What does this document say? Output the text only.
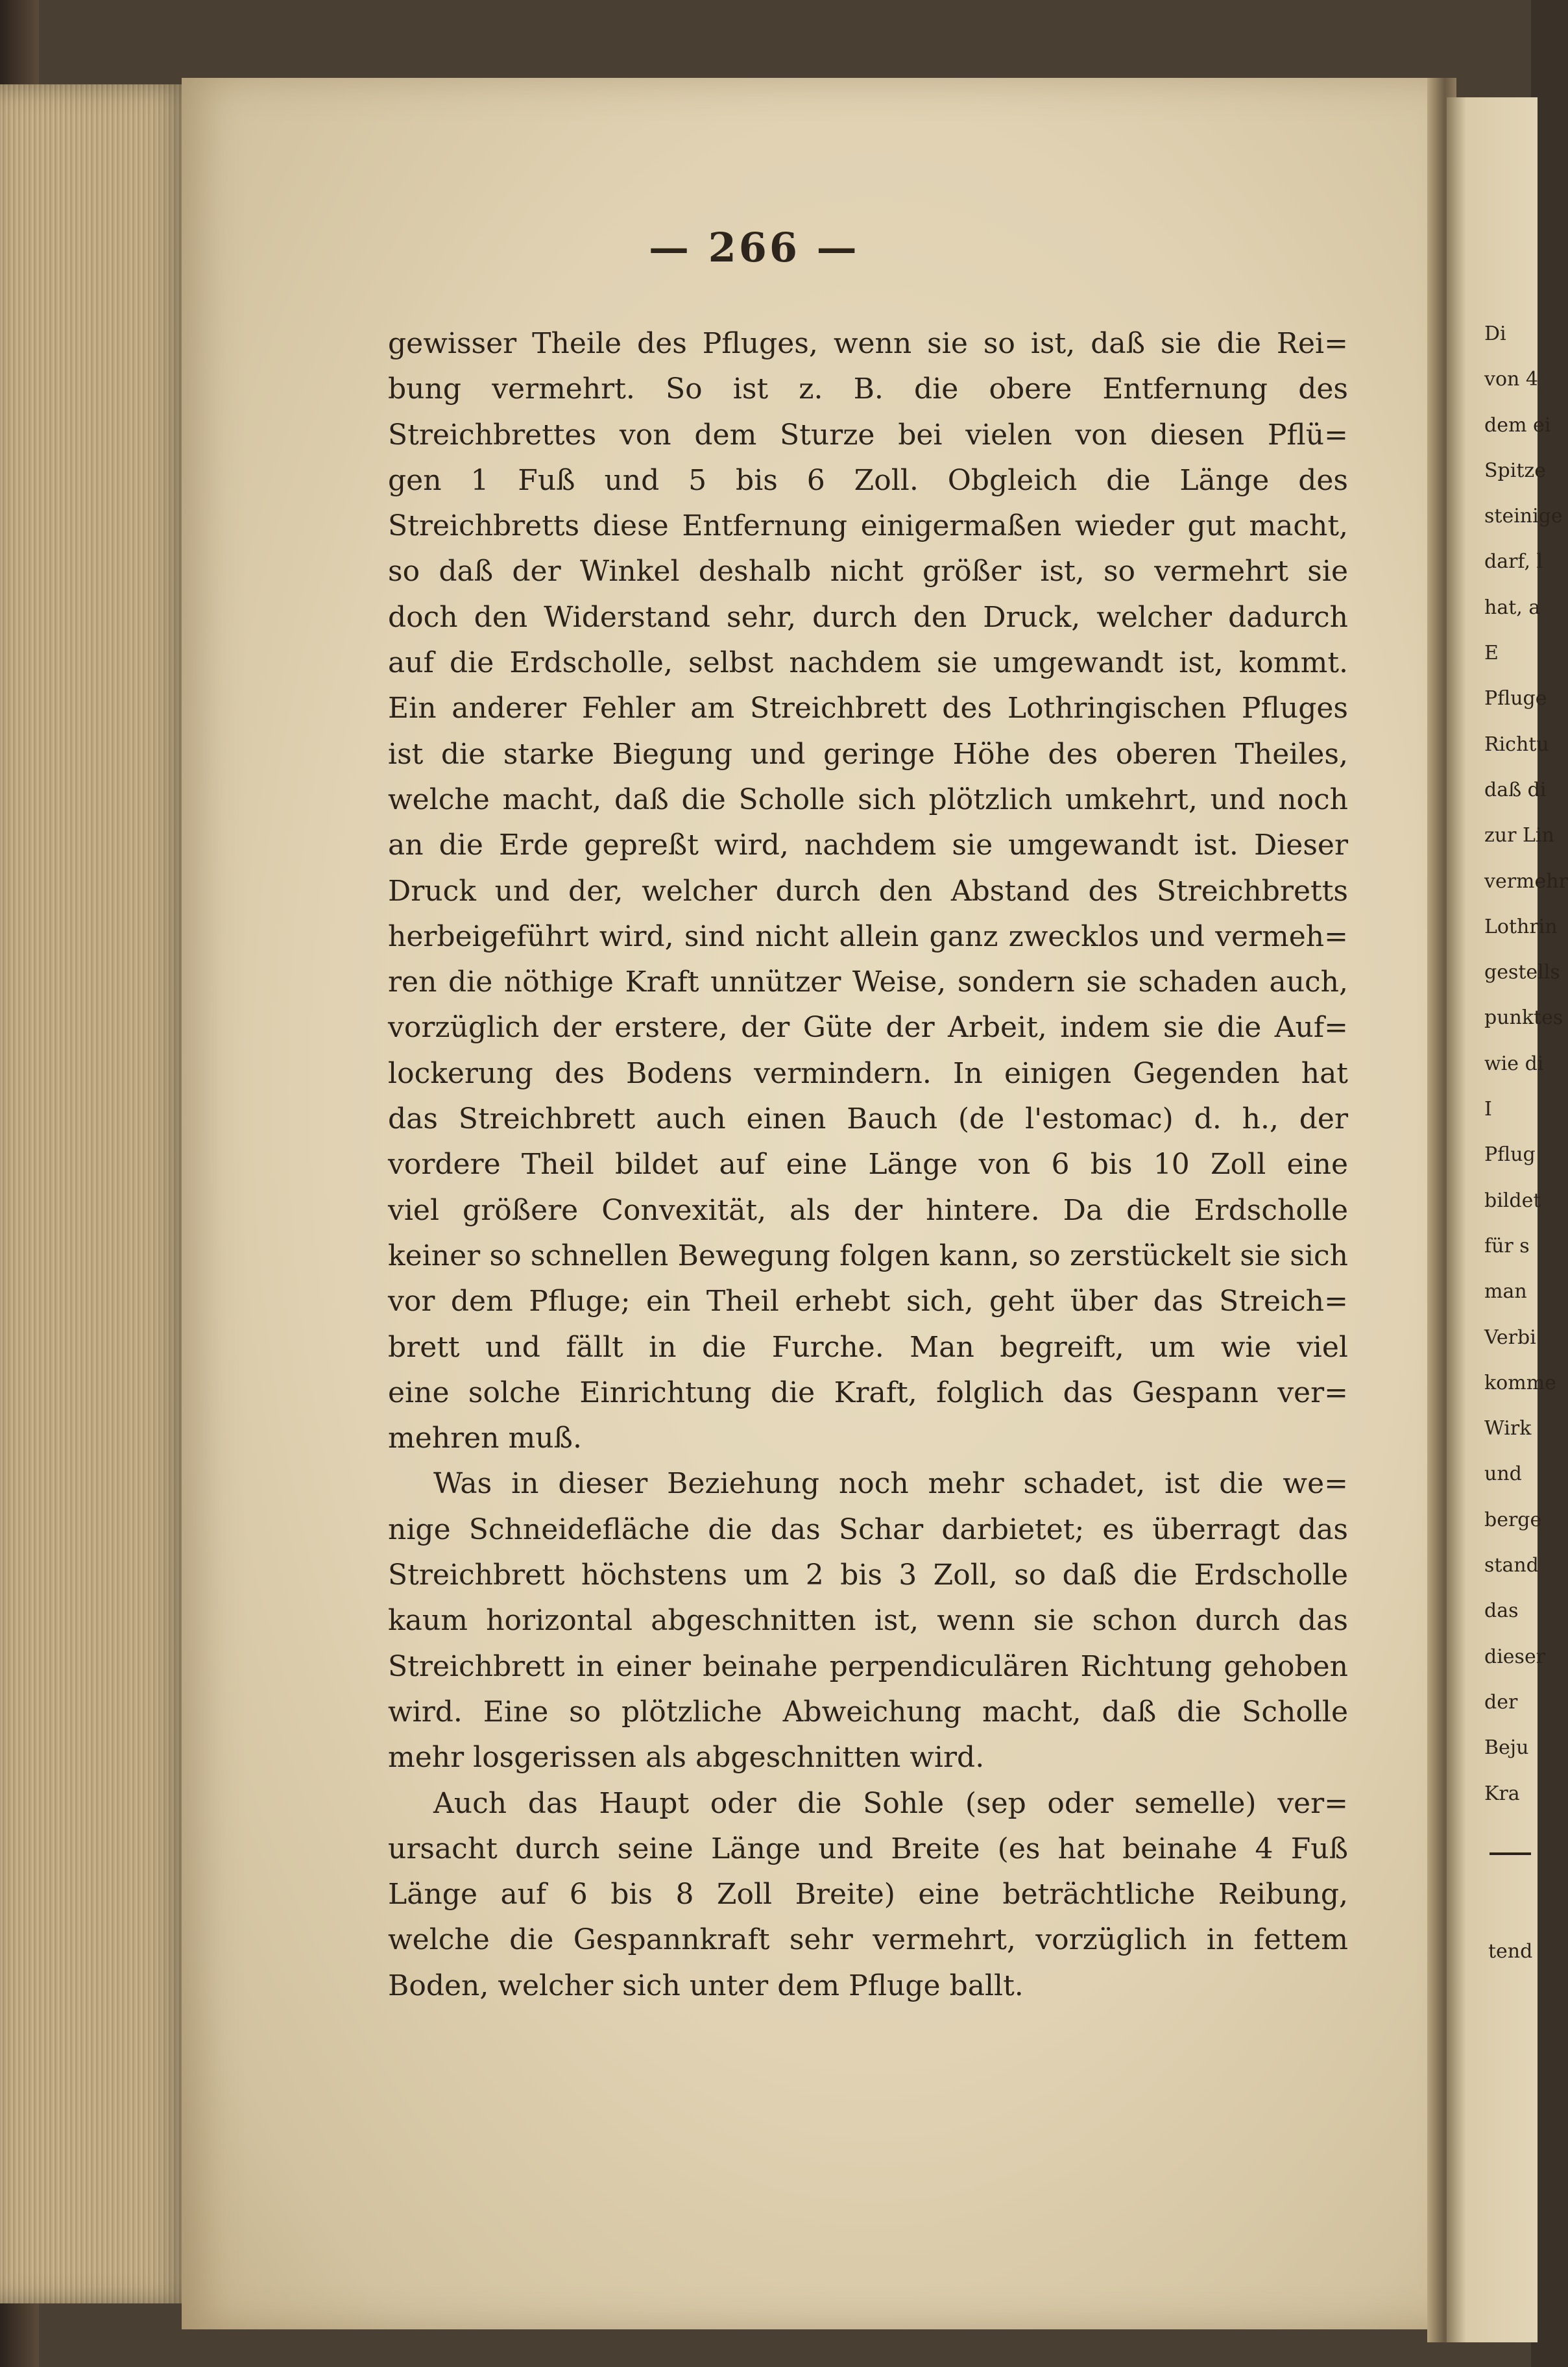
— 266 —
gewisser Theile des Pfluges, wenn sie so ist, daß sie die Rei=
bung vermehrt. So ist z. B. die obere Entfernung des
Streichbrettes von dem Sturze bei vielen von diesen Pflü=
gen 1 Fuß und 5 bis 6 Zoll. Obgleich die Länge des
Streichbretts diese Entfernung einigermaßen wieder gut macht,
so daß der Winkel deshalb nicht größer ist, so vermehrt sie
doch den Widerstand sehr, durch den Druck, welcher dadurch
auf die Erdscholle, selbst nachdem sie umgewandt ist, kommt.
Ein anderer Fehler am Streichbrett des Lothringischen Pfluges
ist die starke Biegung und geringe Höhe des oberen Theiles,
welche macht, daß die Scholle sich plötzlich umkehrt, und noch
an die Erde gepreßt wird, nachdem sie umgewandt ist. Dieser
Druck und der, welcher durch den Abstand des Streichbretts
herbeigeführt wird, sind nicht allein ganz zwecklos und vermeh=
ren die nöthige Kraft unnützer Weise, sondern sie schaden auch,
vorzüglich der erstere, der Güte der Arbeit, indem sie die Auf=
lockerung des Bodens vermindern. In einigen Gegenden hat
das Streichbrett auch einen Bauch (de l'estomac) d. h., der
vordere Theil bildet auf eine Länge von 6 bis 10 Zoll eine
viel größere Convexität, als der hintere. Da die Erdscholle
keiner so schnellen Bewegung folgen kann, so zerstückelt sie sich
vor dem Pfluge; ein Theil erhebt sich, geht über das Streich=
brett und fällt in die Furche. Man begreift, um wie viel
eine solche Einrichtung die Kraft, folglich das Gespann ver=
mehren muß.
Was in dieser Beziehung noch mehr schadet, ist die we=
nige Schneidefläche die das Schar darbietet; es überragt das
Streichbrett höchstens um 2 bis 3 Zoll, so daß die Erdscholle
kaum horizontal abgeschnitten ist, wenn sie schon durch das
Streichbrett in einer beinahe perpendiculären Richtung gehoben
wird. Eine so plötzliche Abweichung macht, daß die Scholle
mehr losgerissen als abgeschnitten wird.
Auch das Haupt oder die Sohle (sep oder semelle) ver=
ursacht durch seine Länge und Breite (es hat beinahe 4 Fuß
Länge auf 6 bis 8 Zoll Breite) eine beträchtliche Reibung,
welche die Gespannkraft sehr vermehrt, vorzüglich in fettem
Boden, welcher sich unter dem Pfluge ballt.
Di
von 4
dem ei
Spitze
steinige
darf, l
hat, a
E
Pfluge
Richtu
daß di
zur Lin
vermehr
Lothrin
gestells
punktes
wie di
I
Pflug
bildet
für s
man
Verbi
komme
Wirk
und
berge
stand
das
dieser
der
Beju
Kra
tend
